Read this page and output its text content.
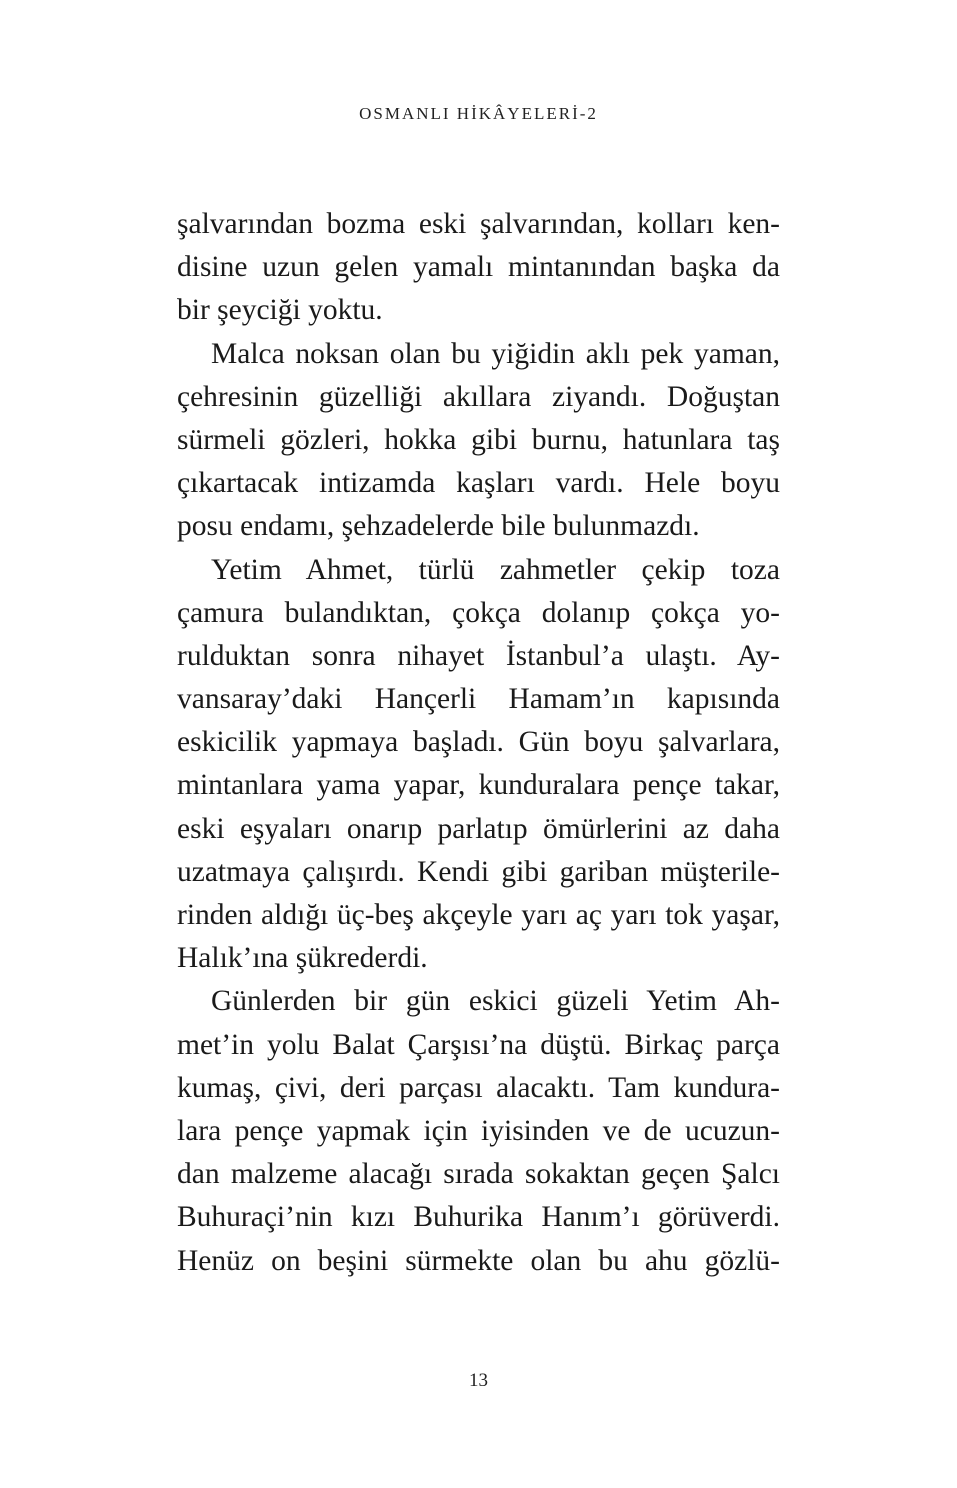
OSMANLI HİKÂYELERİ-2
şalvarından bozma eski şalvarından, kolları ken-
disine uzun gelen yamalı mintanından başka da
bir şeyciği yoktu.
Malca noksan olan bu yiğidin aklı pek yaman,
çehresinin güzelliği akıllara ziyandı. Doğuştan
sürmeli gözleri, hokka gibi burnu, hatunlara taş
çıkartacak intizamda kaşları vardı. Hele boyu
posu endamı, şehzadelerde bile bulunmazdı.
Yetim Ahmet, türlü zahmetler çekip toza
çamura bulandıktan, çokça dolanıp çokça yo-
rulduktan sonra nihayet İstanbul’a ulaştı. Ay-
vansaray’daki Hançerli Hamam’ın kapısında
eskicilik yapmaya başladı. Gün boyu şalvarlara,
mintanlara yama yapar, kunduralara pençe takar,
eski eşyaları onarıp parlatıp ömürlerini az daha
uzatmaya çalışırdı. Kendi gibi gariban müşterile-
rinden aldığı üç-beş akçeyle yarı aç yarı tok yaşar,
Halık’ına şükrederdi.
Günlerden bir gün eskici güzeli Yetim Ah-
met’in yolu Balat Çarşısı’na düştü. Birkaç parça
kumaş, çivi, deri parçası alacaktı. Tam kundura-
lara pençe yapmak için iyisinden ve de ucuzun-
dan malzeme alacağı sırada sokaktan geçen Şalcı
Buhuraçi’nin kızı Buhurika Hanım’ı görüverdi.
Henüz on beşini sürmekte olan bu ahu gözlü-
13
